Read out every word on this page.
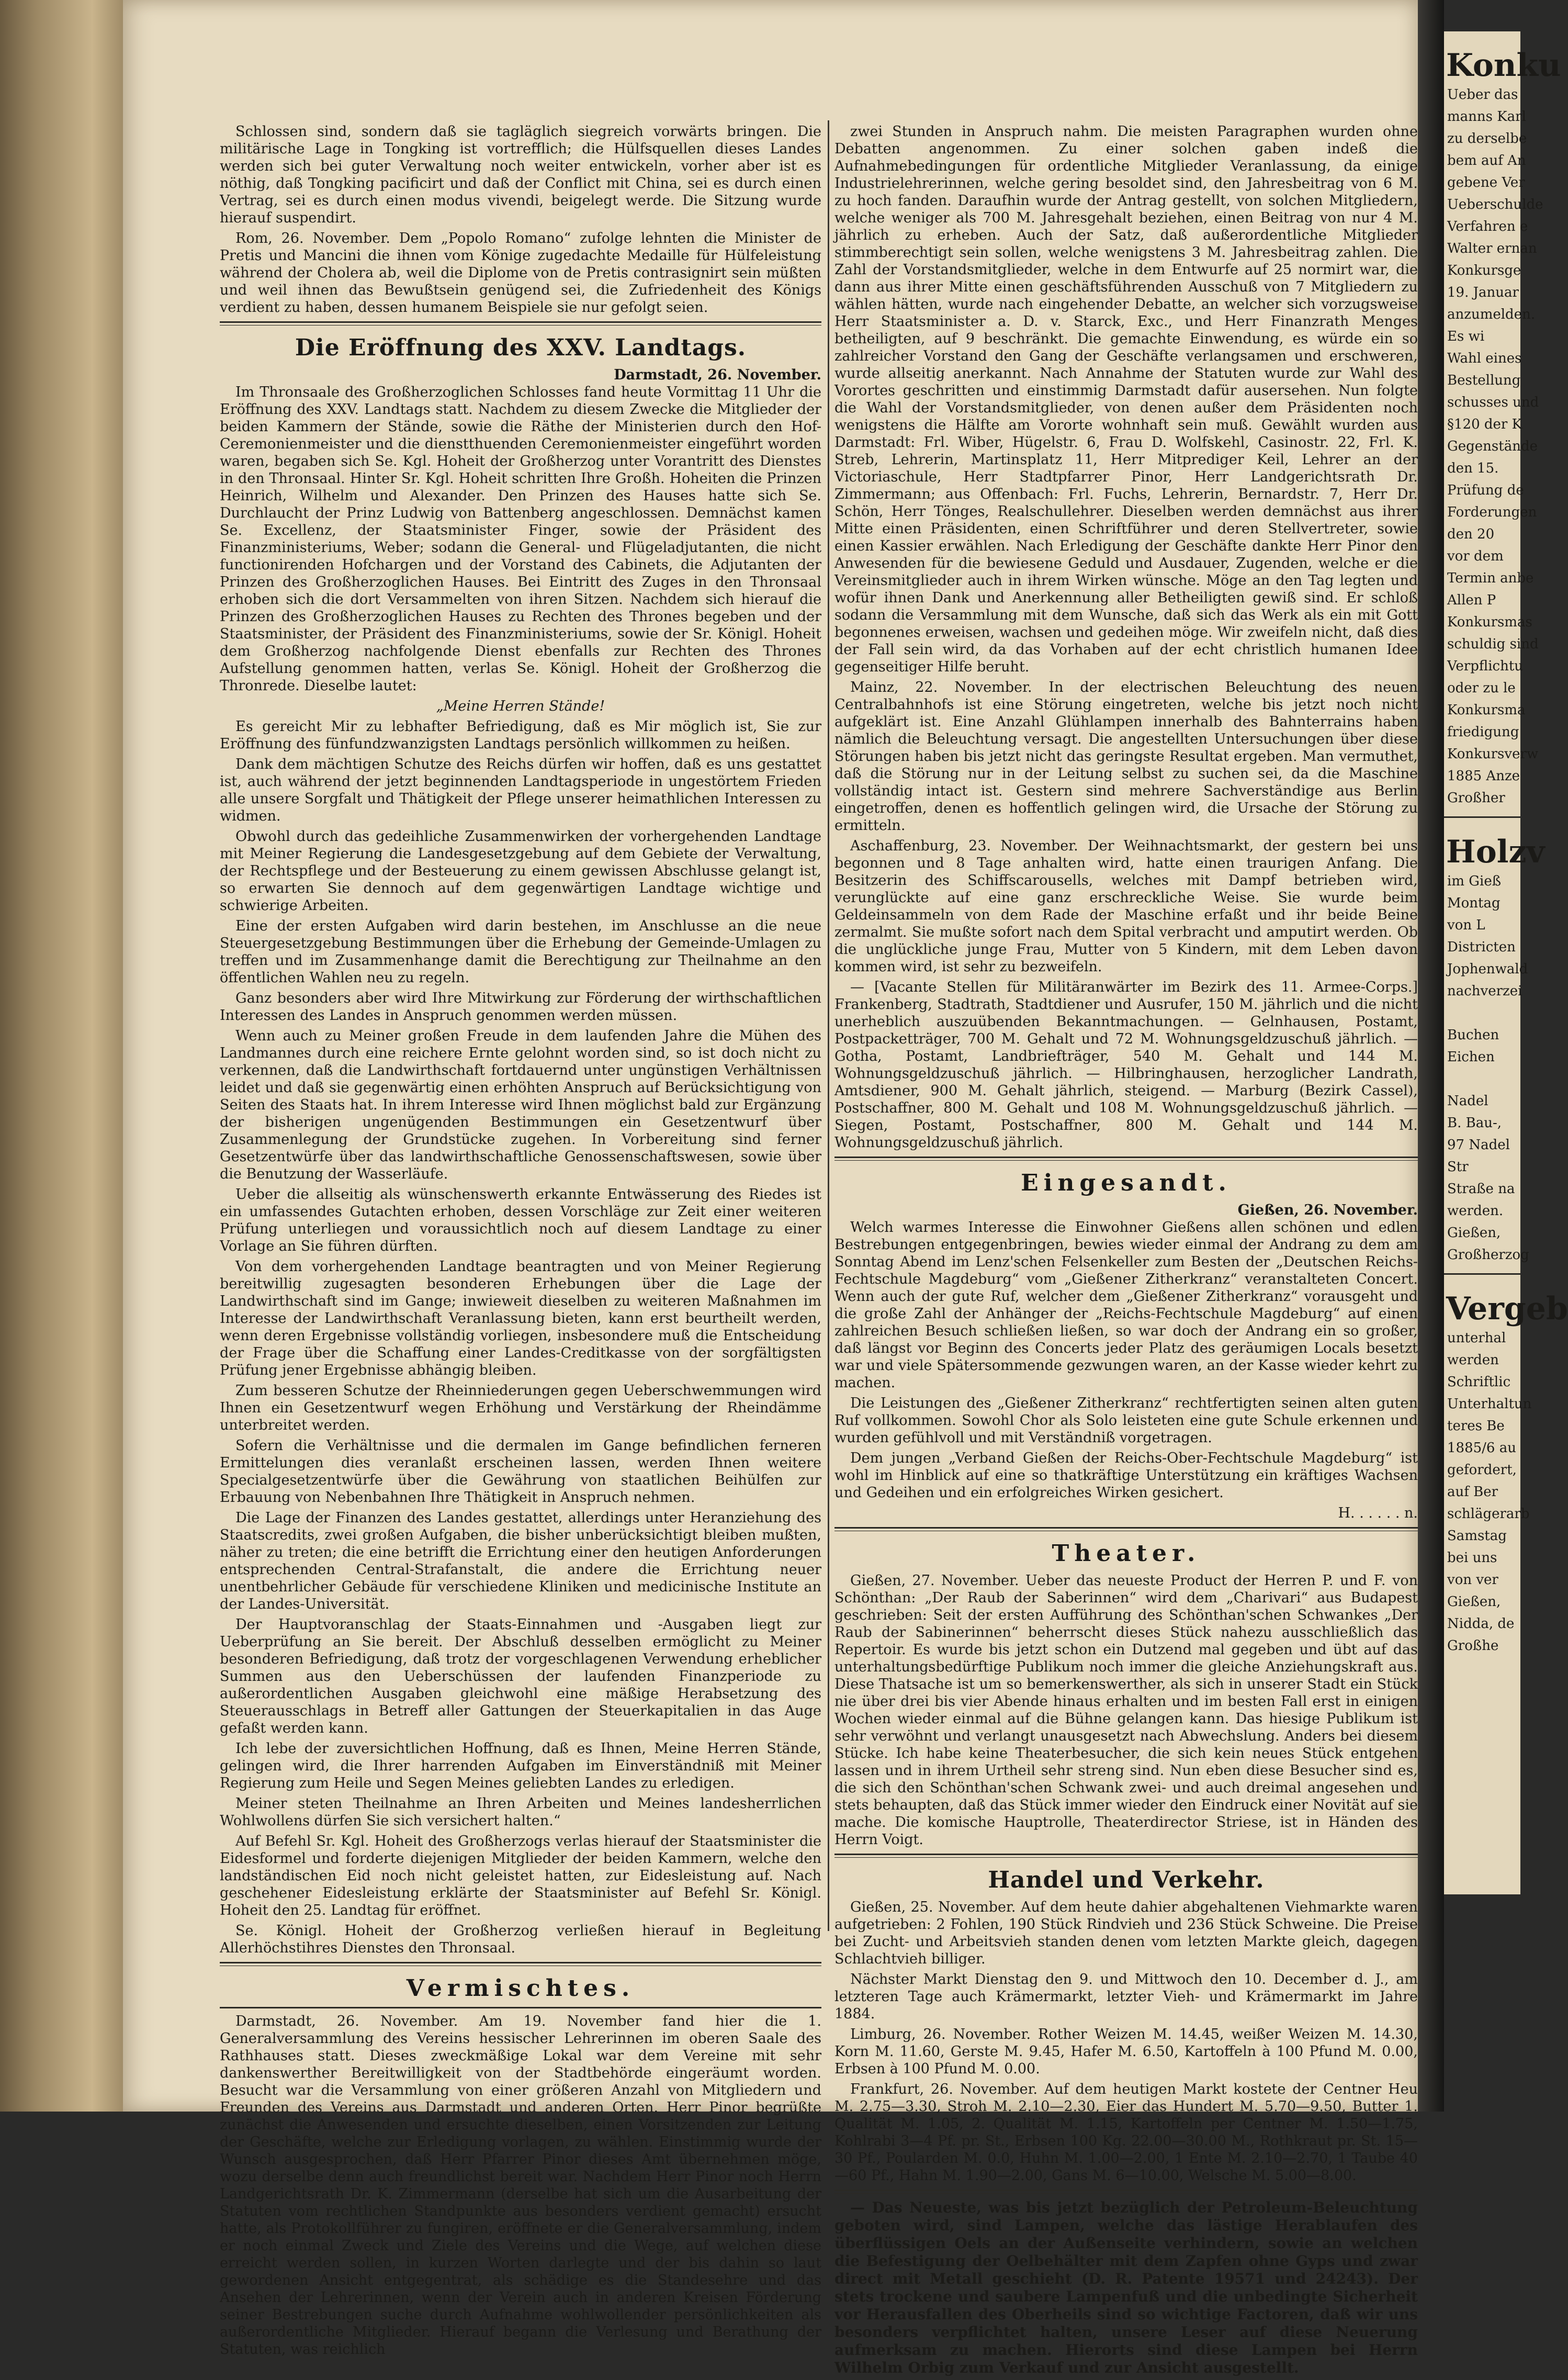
Schlossen sind, sondern daß sie tagläglich siegreich vorwärts bringen. Die militärische Lage in Tongking ist vortrefflich; die Hülfsquellen dieses Landes werden sich bei guter Verwaltung noch weiter entwickeln, vorher aber ist es nöthig, daß Tongking pacificirt und daß der Conflict mit China, sei es durch einen Vertrag, sei es durch einen modus vivendi, beigelegt werde. Die Sitzung wurde hierauf suspendirt.

Rom, 26. November. Dem „Popolo Romano“ zufolge lehnten die Minister de Pretis und Mancini die ihnen vom Könige zugedachte Medaille für Hülfeleistung während der Cholera ab, weil die Diplome von de Pretis contrasignirt sein müßten und weil ihnen das Bewußtsein genügend sei, die Zufriedenheit des Königs verdient zu haben, dessen humanem Beispiele sie nur gefolgt seien.

Die Eröffnung des XXV. Landtags.
Darmstadt, 26. November.

Im Thronsaale des Großherzoglichen Schlosses fand heute Vormittag 11 Uhr die Eröffnung des XXV. Landtags statt. Nachdem zu diesem Zwecke die Mitglieder der beiden Kammern der Stände, sowie die Räthe der Ministerien durch den Hof-Ceremonienmeister und die dienstthuenden Ceremonienmeister eingeführt worden waren, begaben sich Se. Kgl. Hoheit der Großherzog unter Vorantritt des Dienstes in den Thronsaal. Hinter Sr. Kgl. Hoheit schritten Ihre Großh. Hoheiten die Prinzen Heinrich, Wilhelm und Alexander. Den Prinzen des Hauses hatte sich Se. Durchlaucht der Prinz Ludwig von Battenberg angeschlossen. Demnächst kamen Se. Excellenz, der Staatsminister Finger, sowie der Präsident des Finanzministeriums, Weber; sodann die General- und Flügeladjutanten, die nicht functionirenden Hofchargen und der Vorstand des Cabinets, die Adjutanten der Prinzen des Großherzoglichen Hauses. Bei Eintritt des Zuges in den Thronsaal erhoben sich die dort Versammelten von ihren Sitzen. Nachdem sich hierauf die Prinzen des Großherzoglichen Hauses zu Rechten des Thrones begeben und der Staatsminister, der Präsident des Finanzministeriums, sowie der Sr. Königl. Hoheit dem Großherzog nachfolgende Dienst ebenfalls zur Rechten des Thrones Aufstellung genommen hatten, verlas Se. Königl. Hoheit der Großherzog die Thronrede. Dieselbe lautet:

„Meine Herren Stände!

Es gereicht Mir zu lebhafter Befriedigung, daß es Mir möglich ist, Sie zur Eröffnung des fünfundzwanzigsten Landtags persönlich willkommen zu heißen.

Dank dem mächtigen Schutze des Reichs dürfen wir hoffen, daß es uns gestattet ist, auch während der jetzt beginnenden Landtagsperiode in ungestörtem Frieden alle unsere Sorgfalt und Thätigkeit der Pflege unserer heimathlichen Interessen zu widmen.

Obwohl durch das gedeihliche Zusammenwirken der vorhergehenden Landtage mit Meiner Regierung die Landesgesetzgebung auf dem Gebiete der Verwaltung, der Rechtspflege und der Besteuerung zu einem gewissen Abschlusse gelangt ist, so erwarten Sie dennoch auf dem gegenwärtigen Landtage wichtige und schwierige Arbeiten.

Eine der ersten Aufgaben wird darin bestehen, im Anschlusse an die neue Steuergesetzgebung Bestimmungen über die Erhebung der Gemeinde-Umlagen zu treffen und im Zusammenhange damit die Berechtigung zur Theilnahme an den öffentlichen Wahlen neu zu regeln.

Ganz besonders aber wird Ihre Mitwirkung zur Förderung der wirthschaftlichen Interessen des Landes in Anspruch genommen werden müssen.

Wenn auch zu Meiner großen Freude in dem laufenden Jahre die Mühen des Landmannes durch eine reichere Ernte gelohnt worden sind, so ist doch nicht zu verkennen, daß die Landwirthschaft fortdauernd unter ungünstigen Verhältnissen leidet und daß sie gegenwärtig einen erhöhten Anspruch auf Berücksichtigung von Seiten des Staats hat. In ihrem Interesse wird Ihnen möglichst bald zur Ergänzung der bisherigen ungenügenden Bestimmungen ein Gesetzentwurf über Zusammenlegung der Grundstücke zugehen. In Vorbereitung sind ferner Gesetzentwürfe über das landwirthschaftliche Genossenschaftswesen, sowie über die Benutzung der Wasserläufe.

Ueber die allseitig als wünschenswerth erkannte Entwässerung des Riedes ist ein umfassendes Gutachten erhoben, dessen Vorschläge zur Zeit einer weiteren Prüfung unterliegen und voraussichtlich noch auf diesem Landtage zu einer Vorlage an Sie führen dürften.

Von dem vorhergehenden Landtage beantragten und von Meiner Regierung bereitwillig zugesagten besonderen Erhebungen über die Lage der Landwirthschaft sind im Gange; inwieweit dieselben zu weiteren Maßnahmen im Interesse der Landwirthschaft Veranlassung bieten, kann erst beurtheilt werden, wenn deren Ergebnisse vollständig vorliegen, insbesondere muß die Entscheidung der Frage über die Schaffung einer Landes-Creditkasse von der sorgfältigsten Prüfung jener Ergebnisse abhängig bleiben.

Zum besseren Schutze der Rheinniederungen gegen Ueberschwemmungen wird Ihnen ein Gesetzentwurf wegen Erhöhung und Verstärkung der Rheindämme unterbreitet werden.

Sofern die Verhältnisse und die dermalen im Gange befindlichen ferneren Ermittelungen dies veranlaßt erscheinen lassen, werden Ihnen weitere Specialgesetzentwürfe über die Gewährung von staatlichen Beihülfen zur Erbauung von Nebenbahnen Ihre Thätigkeit in Anspruch nehmen.

Die Lage der Finanzen des Landes gestattet, allerdings unter Heranziehung des Staatscredits, zwei großen Aufgaben, die bisher unberücksichtigt bleiben mußten, näher zu treten; die eine betrifft die Errichtung einer den heutigen Anforderungen entsprechenden Central-Strafanstalt, die andere die Errichtung neuer unentbehrlicher Gebäude für verschiedene Kliniken und medicinische Institute an der Landes-Universität.

Der Hauptvoranschlag der Staats-Einnahmen und -Ausgaben liegt zur Ueberprüfung an Sie bereit. Der Abschluß desselben ermöglicht zu Meiner besonderen Befriedigung, daß trotz der vorgeschlagenen Verwendung erheblicher Summen aus den Ueberschüssen der laufenden Finanzperiode zu außerordentlichen Ausgaben gleichwohl eine mäßige Herabsetzung des Steuerausschlags in Betreff aller Gattungen der Steuerkapitalien in das Auge gefaßt werden kann.

Ich lebe der zuversichtlichen Hoffnung, daß es Ihnen, Meine Herren Stände, gelingen wird, die Ihrer harrenden Aufgaben im Einverständniß mit Meiner Regierung zum Heile und Segen Meines geliebten Landes zu erledigen.

Meiner steten Theilnahme an Ihren Arbeiten und Meines landesherrlichen Wohlwollens dürfen Sie sich versichert halten.“

Auf Befehl Sr. Kgl. Hoheit des Großherzogs verlas hierauf der Staatsminister die Eidesformel und forderte diejenigen Mitglieder der beiden Kammern, welche den landständischen Eid noch nicht geleistet hatten, zur Eidesleistung auf. Nach geschehener Eidesleistung erklärte der Staatsminister auf Befehl Sr. Königl. Hoheit den 25. Landtag für eröffnet.

Se. Königl. Hoheit der Großherzog verließen hierauf in Begleitung Allerhöchstihres Dienstes den Thronsaal.

Vermischtes.

Darmstadt, 26. November. Am 19. November fand hier die 1. Generalversammlung des Vereins hessischer Lehrerinnen im oberen Saale des Rathhauses statt. Dieses zweckmäßige Lokal war dem Vereine mit sehr dankenswerther Bereitwilligkeit von der Stadtbehörde eingeräumt worden. Besucht war die Versammlung von einer größeren Anzahl von Mitgliedern und Freunden des Vereins aus Darmstadt und anderen Orten. Herr Pinor begrüßte zunächst die Anwesenden und ersuchte dieselben, einen Vorsitzenden zur Leitung der Geschäfte, welche zur Erledigung vorlagen, zu wählen. Einstimmig wurde der Wunsch ausgesprochen, daß Herr Pfarrer Pinor dieses Amt übernehmen möge, wozu derselbe denn auch freundlichst bereit war. Nachdem Herr Pinor noch Herrn Landgerichtsrath Dr. K. Zimmermann (derselbe hat sich um die Ausarbeitung der Statuten vom rechtlichen Standpunkte aus besonders verdient gemacht) ersucht hatte, als Protokollführer zu fungiren, eröffnete er die Generalversammlung, indem er noch einmal Zweck und Ziele des Vereins und die Wege, auf welchen diese erreicht werden sollen, in kurzen Worten darlegte und der bis dahin so laut gewordenen Ansicht entgegentrat, als schädige es die Standesehre und das Ansehen der Lehrerinnen, wenn der Verein auch in anderen Kreisen Förderung seiner Bestrebungen suche durch Aufnahme wohlwollender persönlichkeiten als außerordentliche Mitglieder. Hierauf begann die Verlesung und Berathung der Statuten, was reichlich

zwei Stunden in Anspruch nahm. Die meisten Paragraphen wurden ohne Debatten angenommen. Zu einer solchen gaben indeß die Aufnahmebedingungen für ordentliche Mitglieder Veranlassung, da einige Industrielehrerinnen, welche gering besoldet sind, den Jahresbeitrag von 6 M. zu hoch fanden. Daraufhin wurde der Antrag gestellt, von solchen Mitgliedern, welche weniger als 700 M. Jahresgehalt beziehen, einen Beitrag von nur 4 M. jährlich zu erheben. Auch der Satz, daß außerordentliche Mitglieder stimmberechtigt sein sollen, welche wenigstens 3 M. Jahresbeitrag zahlen. Die Zahl der Vorstandsmitglieder, welche in dem Entwurfe auf 25 normirt war, die dann aus ihrer Mitte einen geschäftsführenden Ausschuß von 7 Mitgliedern zu wählen hätten, wurde nach eingehender Debatte, an welcher sich vorzugsweise Herr Staatsminister a. D. v. Starck, Exc., und Herr Finanzrath Menges betheiligten, auf 9 beschränkt. Die gemachte Einwendung, es würde ein so zahlreicher Vorstand den Gang der Geschäfte verlangsamen und erschweren, wurde allseitig anerkannt. Nach Annahme der Statuten wurde zur Wahl des Vorortes geschritten und einstimmig Darmstadt dafür ausersehen. Nun folgte die Wahl der Vorstandsmitglieder, von denen außer dem Präsidenten noch wenigstens die Hälfte am Vororte wohnhaft sein muß. Gewählt wurden aus Darmstadt: Frl. Wiber, Hügelstr. 6, Frau D. Wolfskehl, Casinostr. 22, Frl. K. Streb, Lehrerin, Martinsplatz 11, Herr Mitprediger Keil, Lehrer an der Victoriaschule, Herr Stadtpfarrer Pinor, Herr Landgerichtsrath Dr. Zimmermann; aus Offenbach: Frl. Fuchs, Lehrerin, Bernardstr. 7, Herr Dr. Schön, Herr Tönges, Realschullehrer. Dieselben werden demnächst aus ihrer Mitte einen Präsidenten, einen Schriftführer und deren Stellvertreter, sowie einen Kassier erwählen. Nach Erledigung der Geschäfte dankte Herr Pinor den Anwesenden für die bewiesene Geduld und Ausdauer, Zugenden, welche er die Vereinsmitglieder auch in ihrem Wirken wünsche. Möge an den Tag legten und wofür ihnen Dank und Anerkennung aller Betheiligten gewiß sind. Er schloß sodann die Versammlung mit dem Wunsche, daß sich das Werk als ein mit Gott begonnenes erweisen, wachsen und gedeihen möge. Wir zweifeln nicht, daß dies der Fall sein wird, da das Vorhaben auf der echt christlich humanen Idee gegenseitiger Hilfe beruht.

Mainz, 22. November. In der electrischen Beleuchtung des neuen Centralbahnhofs ist eine Störung eingetreten, welche bis jetzt noch nicht aufgeklärt ist. Eine Anzahl Glühlampen innerhalb des Bahnterrains haben nämlich die Beleuchtung versagt. Die angestellten Untersuchungen über diese Störungen haben bis jetzt nicht das geringste Resultat ergeben. Man vermuthet, daß die Störung nur in der Leitung selbst zu suchen sei, da die Maschine vollständig intact ist. Gestern sind mehrere Sachverständige aus Berlin eingetroffen, denen es hoffentlich gelingen wird, die Ursache der Störung zu ermitteln.

Aschaffenburg, 23. November. Der Weihnachtsmarkt, der gestern bei uns begonnen und 8 Tage anhalten wird, hatte einen traurigen Anfang. Die Besitzerin des Schiffscarousells, welches mit Dampf betrieben wird, verunglückte auf eine ganz erschreckliche Weise. Sie wurde beim Geldeinsammeln von dem Rade der Maschine erfaßt und ihr beide Beine zermalmt. Sie mußte sofort nach dem Spital verbracht und amputirt werden. Ob die unglückliche junge Frau, Mutter von 5 Kindern, mit dem Leben davon kommen wird, ist sehr zu bezweifeln.

— [Vacante Stellen für Militäranwärter im Bezirk des 11. Armee-Corps.] Frankenberg, Stadtrath, Stadtdiener und Ausrufer, 150 M. jährlich und die nicht unerheblich auszuübenden Bekanntmachungen. — Gelnhausen, Postamt, Postpacketträger, 700 M. Gehalt und 72 M. Wohnungsgeldzuschuß jährlich. — Gotha, Postamt, Landbriefträger, 540 M. Gehalt und 144 M. Wohnungsgeldzuschuß jährlich. — Hilbringhausen, herzoglicher Landrath, Amtsdiener, 900 M. Gehalt jährlich, steigend. — Marburg (Bezirk Cassel), Postschaffner, 800 M. Gehalt und 108 M. Wohnungsgeldzuschuß jährlich. — Siegen, Postamt, Postschaffner, 800 M. Gehalt und 144 M. Wohnungsgeldzuschuß jährlich.

Eingesandt.
Gießen, 26. November.

Welch warmes Interesse die Einwohner Gießens allen schönen und edlen Bestrebungen entgegenbringen, bewies wieder einmal der Andrang zu dem am Sonntag Abend im Lenz'schen Felsenkeller zum Besten der „Deutschen Reichs-Fechtschule Magdeburg“ vom „Gießener Zitherkranz“ veranstalteten Concert. Wenn auch der gute Ruf, welcher dem „Gießener Zitherkranz“ vorausgeht und die große Zahl der Anhänger der „Reichs-Fechtschule Magdeburg“ auf einen zahlreichen Besuch schließen ließen, so war doch der Andrang ein so großer, daß längst vor Beginn des Concerts jeder Platz des geräumigen Locals besetzt war und viele Spätersommende gezwungen waren, an der Kasse wieder kehrt zu machen.

Die Leistungen des „Gießener Zitherkranz“ rechtfertigten seinen alten guten Ruf vollkommen. Sowohl Chor als Solo leisteten eine gute Schule erkennen und wurden gefühlvoll und mit Verständniß vorgetragen.

Dem jungen „Verband Gießen der Reichs-Ober-Fechtschule Magdeburg“ ist wohl im Hinblick auf eine so thatkräftige Unterstützung ein kräftiges Wachsen und Gedeihen und ein erfolgreiches Wirken gesichert.

H. . . . . . n.
Theater.

Gießen, 27. November. Ueber das neueste Product der Herren P. und F. von Schönthan: „Der Raub der Saberinnen“ wird dem „Charivari“ aus Budapest geschrieben: Seit der ersten Aufführung des Schönthan'schen Schwankes „Der Raub der Sabinerinnen“ beherrscht dieses Stück nahezu ausschließlich das Repertoir. Es wurde bis jetzt schon ein Dutzend mal gegeben und übt auf das unterhaltungsbedürftige Publikum noch immer die gleiche Anziehungskraft aus. Diese Thatsache ist um so bemerkenswerther, als sich in unserer Stadt ein Stück nie über drei bis vier Abende hinaus erhalten und im besten Fall erst in einigen Wochen wieder einmal auf die Bühne gelangen kann. Das hiesige Publikum ist sehr verwöhnt und verlangt unausgesetzt nach Abwechslung. Anders bei diesem Stücke. Ich habe keine Theaterbesucher, die sich kein neues Stück entgehen lassen und in ihrem Urtheil sehr streng sind. Nun eben diese Besucher sind es, die sich den Schönthan'schen Schwank zwei- und auch dreimal angesehen und stets behaupten, daß das Stück immer wieder den Eindruck einer Novität auf sie mache. Die komische Hauptrolle, Theaterdirector Striese, ist in Händen des Herrn Voigt.

Handel und Verkehr.

Gießen, 25. November. Auf dem heute dahier abgehaltenen Viehmarkte waren aufgetrieben: 2 Fohlen, 190 Stück Rindvieh und 236 Stück Schweine. Die Preise bei Zucht- und Arbeitsvieh standen denen vom letzten Markte gleich, dagegen Schlachtvieh billiger.

Nächster Markt Dienstag den 9. und Mittwoch den 10. December d. J., am letzteren Tage auch Krämermarkt, letzter Vieh- und Krämermarkt im Jahre 1884.

Limburg, 26. November. Rother Weizen M. 14.45, weißer Weizen M. 14.30, Korn M. 11.60, Gerste M. 9.45, Hafer M. 6.50, Kartoffeln à 100 Pfund M. 0.00, Erbsen à 100 Pfund M. 0.00.

Frankfurt, 26. November. Auf dem heutigen Markt kostete der Centner Heu M. 2.75—3.30, Stroh M. 2.10—2.30, Eier das Hundert M. 5.70—9.50, Butter 1. Qualität M. 1.05, 2. Qualität M. 1.15, Kartoffeln per Centner M. 1.50—1.75, Kohlrabi 3—4 Pf. pr. St., Erbsen 100 Kg. 22.00—30.00 M., Rothkraut pr. St. 15—30 Pf., Poularden M. 0.0, Huhn M. 1.00—2.00, 1 Ente M. 2.10—2.70, 1 Taube 40—60 Pf., Hahn M. 1.90—2.00, Gans M. 6—10.00, Welsche M. 5.00—8.00.

— Das Neueste, was bis jetzt bezüglich der Petroleum-Beleuchtung geboten wird, sind Lampen, welche das lästige Herablaufen des überflüssigen Oels an der Außenseite verhindern, sowie an welchen die Befestigung der Oelbehälter mit dem Zapfen ohne Gyps und zwar direct mit Metall geschieht (D. R. Patente 19571 und 24243). Der stets trockene und saubere Lampenfuß und die unbedingte Sicherheit vor Herausfallen des Oberheils sind so wichtige Factoren, daß wir uns besonders verpflichtet halten, unsere Leser auf diese Neuerung aufmerksam zu machen. Hierorts sind diese Lampen bei Herrn Wilhelm Orbig zum Verkauf und zur Ansicht ausgestellt.

Konku
Ueber das
manns Karl
zu derselbe
bem auf An
gebene Ver
Ueberschulde
Verfahren e
Walter ernan
Konkursge
19. Januar
anzumelden.
Es wi
Wahl eines
Bestellung
schusses und
§120 der K
Gegenstände
den 15.
Prüfung de
Forderungen
den 20
vor dem
Termin anbe
Allen P
Konkursmas
schuldig sind
Verpflichtu
oder zu le
Konkursma
friedigung
Konkursverw
1885 Anze
Großher
Holzv
im Gieß
Montag
von L
Districten
Jophenwald
nachverzei

Buchen
Eichen

Nadel
B. Bau-,
97 Nadel
Str
Straße na
werden.
Gießen,
Großherzog
Vergeb
unterhal
werden
Schriftlic
Unterhaltun
teres Be
1885/6 au
gefordert,
auf Ber
schlägerarb
Samstag
bei uns
von ver
Gießen,
Nidda, de
Großhe
